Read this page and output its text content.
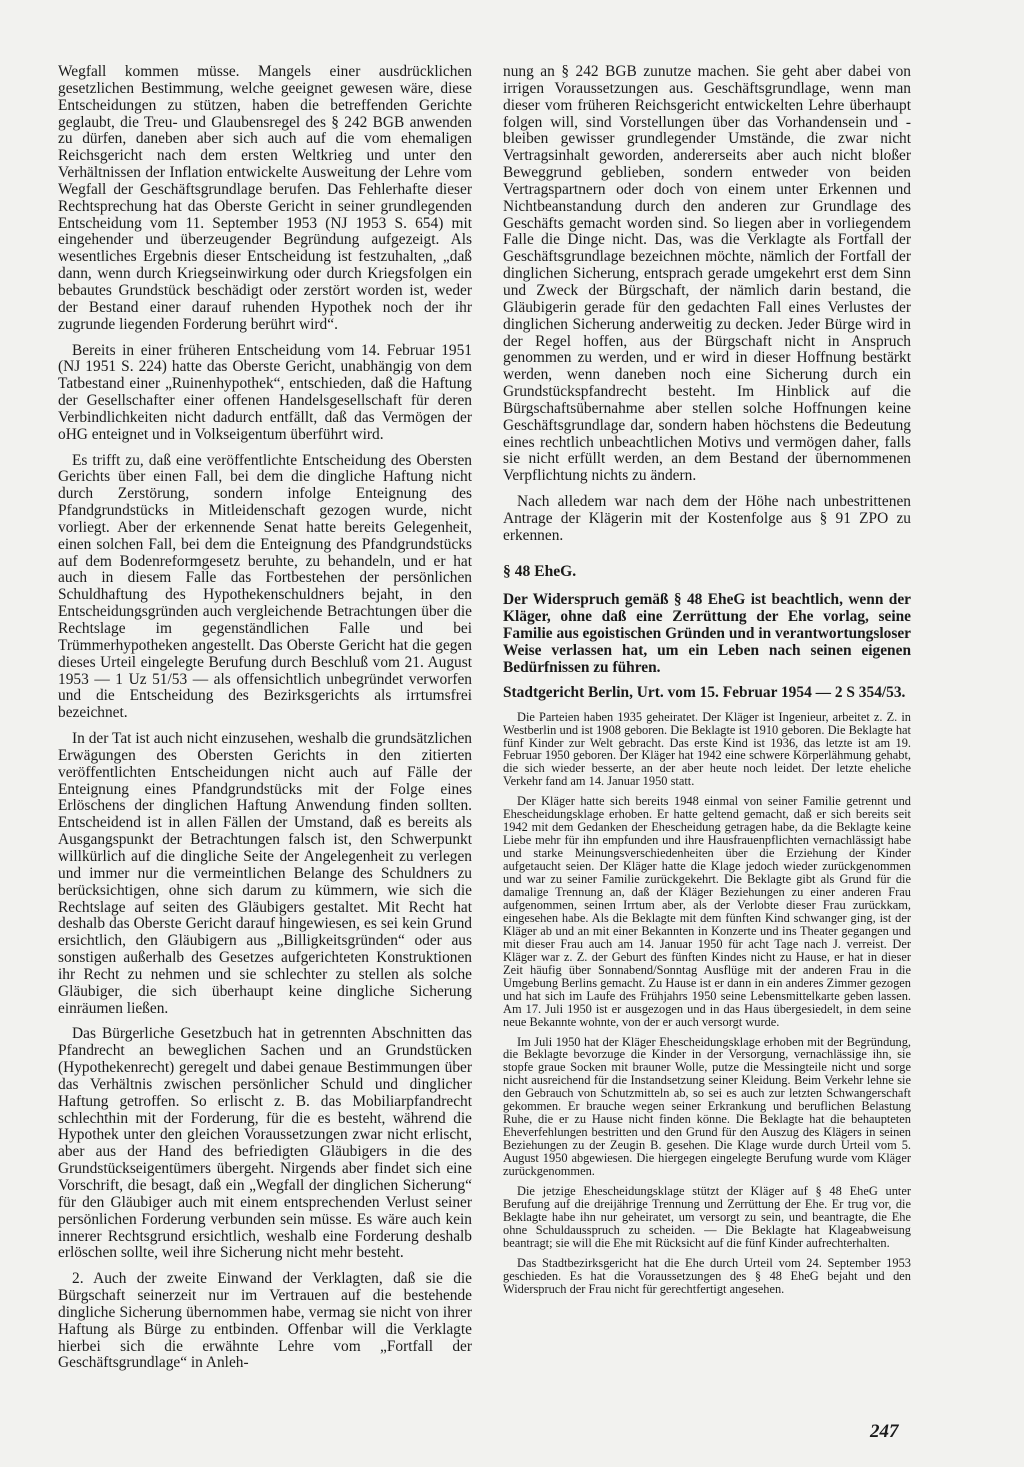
Wegfall kommen müsse. Mangels einer ausdrücklichen gesetzlichen Bestimmung, welche geeignet gewesen wäre, diese Entscheidungen zu stützen, haben die betreffenden Gerichte geglaubt, die Treu- und Glaubensregel des § 242 BGB anwenden zu dürfen, daneben aber sich auch auf die vom ehemaligen Reichsgericht nach dem ersten Weltkrieg und unter den Verhältnissen der Inflation entwickelte Ausweitung der Lehre vom Wegfall der Geschäftsgrundlage berufen. Das Fehlerhafte dieser Rechtsprechung hat das Oberste Gericht in seiner grundlegenden Entscheidung vom 11. September 1953 (NJ 1953 S. 654) mit eingehender und überzeugender Begründung aufgezeigt. Als wesentliches Ergebnis dieser Entscheidung ist festzuhalten, „daß dann, wenn durch Kriegseinwirkung oder durch Kriegsfolgen ein bebautes Grundstück beschädigt oder zerstört worden ist, weder der Bestand einer darauf ruhenden Hypothek noch der ihr zugrunde liegenden Forderung berührt wird“.

Bereits in einer früheren Entscheidung vom 14. Februar 1951 (NJ 1951 S. 224) hatte das Oberste Gericht, unabhängig von dem Tatbestand einer „Ruinenhypothek“, entschieden, daß die Haftung der Gesellschafter einer offenen Handelsgesellschaft für deren Verbindlichkeiten nicht dadurch entfällt, daß das Vermögen der oHG enteignet und in Volkseigentum überführt wird.

Es trifft zu, daß eine veröffentlichte Entscheidung des Obersten Gerichts über einen Fall, bei dem die dingliche Haftung nicht durch Zerstörung, sondern infolge Enteignung des Pfandgrundstücks in Mitleidenschaft gezogen wurde, nicht vorliegt. Aber der erkennende Senat hatte bereits Gelegenheit, einen solchen Fall, bei dem die Enteignung des Pfandgrundstücks auf dem Bodenreformgesetz beruhte, zu behandeln, und er hat auch in diesem Falle das Fortbestehen der persönlichen Schuldhaftung des Hypothekenschuldners bejaht, in den Entscheidungsgründen auch vergleichende Betrachtungen über die Rechtslage im gegenständlichen Falle und bei Trümmerhypotheken angestellt. Das Oberste Gericht hat die gegen dieses Urteil eingelegte Berufung durch Beschluß vom 21. August 1953 — 1 Uz 51/53 — als offensichtlich unbegründet verworfen und die Entscheidung des Bezirksgerichts als irrtumsfrei bezeichnet.

In der Tat ist auch nicht einzusehen, weshalb die grundsätzlichen Erwägungen des Obersten Gerichts in den zitierten veröffentlichten Entscheidungen nicht auch auf Fälle der Enteignung eines Pfandgrundstücks mit der Folge eines Erlöschens der dinglichen Haftung Anwendung finden sollten. Entscheidend ist in allen Fällen der Umstand, daß es bereits als Ausgangspunkt der Betrachtungen falsch ist, den Schwerpunkt willkürlich auf die dingliche Seite der Angelegenheit zu verlegen und immer nur die vermeintlichen Belange des Schuldners zu berücksichtigen, ohne sich darum zu kümmern, wie sich die Rechtslage auf seiten des Gläubigers gestaltet. Mit Recht hat deshalb das Oberste Gericht darauf hingewiesen, es sei kein Grund ersichtlich, den Gläubigern aus „Billigkeitsgründen“ oder aus sonstigen außerhalb des Gesetzes aufgerichteten Konstruktionen ihr Recht zu nehmen und sie schlechter zu stellen als solche Gläubiger, die sich überhaupt keine dingliche Sicherung einräumen ließen.

Das Bürgerliche Gesetzbuch hat in getrennten Abschnitten das Pfandrecht an beweglichen Sachen und an Grundstücken (Hypothekenrecht) geregelt und dabei genaue Bestimmungen über das Verhältnis zwischen persönlicher Schuld und dinglicher Haftung getroffen. So erlischt z. B. das Mobiliarpfandrecht schlechthin mit der Forderung, für die es besteht, während die Hypothek unter den gleichen Voraussetzungen zwar nicht erlischt, aber aus der Hand des befriedigten Gläubigers in die des Grundstückseigentümers übergeht. Nirgends aber findet sich eine Vorschrift, die besagt, daß ein „Wegfall der dinglichen Sicherung“ für den Gläubiger auch mit einem entsprechenden Verlust seiner persönlichen Forderung verbunden sein müsse. Es wäre auch kein innerer Rechtsgrund ersichtlich, weshalb eine Forderung deshalb erlöschen sollte, weil ihre Sicherung nicht mehr besteht.

2. Auch der zweite Einwand der Verklagten, daß sie die Bürgschaft seinerzeit nur im Vertrauen auf die bestehende dingliche Sicherung übernommen habe, vermag sie nicht von ihrer Haftung als Bürge zu entbinden. Offenbar will die Verklagte hierbei sich die erwähnte Lehre vom „Fortfall der Geschäftsgrundlage“ in Anleh-

nung an § 242 BGB zunutze machen. Sie geht aber dabei von irrigen Voraussetzungen aus. Geschäftsgrundlage, wenn man dieser vom früheren Reichsgericht entwickelten Lehre überhaupt folgen will, sind Vorstellungen über das Vorhandensein und -bleiben gewisser grundlegender Umstände, die zwar nicht Vertragsinhalt geworden, andererseits aber auch nicht bloßer Beweggrund geblieben, sondern entweder von beiden Vertragspartnern oder doch von einem unter Erkennen und Nichtbeanstandung durch den anderen zur Grundlage des Geschäfts gemacht worden sind. So liegen aber in vorliegendem Falle die Dinge nicht. Das, was die Verklagte als Fortfall der Geschäftsgrundlage bezeichnen möchte, nämlich der Fortfall der dinglichen Sicherung, entsprach gerade umgekehrt erst dem Sinn und Zweck der Bürgschaft, der nämlich darin bestand, die Gläubigerin gerade für den gedachten Fall eines Verlustes der dinglichen Sicherung anderweitig zu decken. Jeder Bürge wird in der Regel hoffen, aus der Bürgschaft nicht in Anspruch genommen zu werden, und er wird in dieser Hoffnung bestärkt werden, wenn daneben noch eine Sicherung durch ein Grundstückspfandrecht besteht. Im Hinblick auf die Bürgschaftsübernahme aber stellen solche Hoffnungen keine Geschäftsgrundlage dar, sondern haben höchstens die Bedeutung eines rechtlich unbeachtlichen Motivs und vermögen daher, falls sie nicht erfüllt werden, an dem Bestand der übernommenen Verpflichtung nichts zu ändern.

Nach alledem war nach dem der Höhe nach unbestrittenen Antrage der Klägerin mit der Kostenfolge aus § 91 ZPO zu erkennen.

§ 48 EheG.

Der Widerspruch gemäß § 48 EheG ist beachtlich, wenn der Kläger, ohne daß eine Zerrüttung der Ehe vorlag, seine Familie aus egoistischen Gründen und in verantwortungsloser Weise verlassen hat, um ein Leben nach seinen eigenen Bedürfnissen zu führen.

Stadtgericht Berlin, Urt. vom 15. Februar 1954 — 2 S 354/53.

Die Parteien haben 1935 geheiratet. Der Kläger ist Ingenieur, arbeitet z. Z. in Westberlin und ist 1908 geboren. Die Beklagte ist 1910 geboren. Die Beklagte hat fünf Kinder zur Welt gebracht. Das erste Kind ist 1936, das letzte ist am 19. Februar 1950 geboren. Der Kläger hat 1942 eine schwere Körperlähmung gehabt, die sich wieder besserte, an der aber heute noch leidet. Der letzte eheliche Verkehr fand am 14. Januar 1950 statt.

Der Kläger hatte sich bereits 1948 einmal von seiner Familie getrennt und Ehescheidungsklage erhoben. Er hatte geltend gemacht, daß er sich bereits seit 1942 mit dem Gedanken der Ehescheidung getragen habe, da die Beklagte keine Liebe mehr für ihn empfunden und ihre Hausfrauenpflichten vernachlässigt habe und starke Meinungsverschiedenheiten über die Erziehung der Kinder aufgetaucht seien. Der Kläger hatte die Klage jedoch wieder zurückgenommen und war zu seiner Familie zurückgekehrt. Die Beklagte gibt als Grund für die damalige Trennung an, daß der Kläger Beziehungen zu einer anderen Frau aufgenommen, seinen Irrtum aber, als der Verlobte dieser Frau zurückkam, eingesehen habe. Als die Beklagte mit dem fünften Kind schwanger ging, ist der Kläger ab und an mit einer Bekannten in Konzerte und ins Theater gegangen und mit dieser Frau auch am 14. Januar 1950 für acht Tage nach J. verreist. Der Kläger war z. Z. der Geburt des fünften Kindes nicht zu Hause, er hat in dieser Zeit häufig über Sonnabend/Sonntag Ausflüge mit der anderen Frau in die Umgebung Berlins gemacht. Zu Hause ist er dann in ein anderes Zimmer gezogen und hat sich im Laufe des Frühjahrs 1950 seine Lebensmittelkarte geben lassen. Am 17. Juli 1950 ist er ausgezogen und in das Haus übergesiedelt, in dem seine neue Bekannte wohnte, von der er auch versorgt wurde.

Im Juli 1950 hat der Kläger Ehescheidungsklage erhoben mit der Begründung, die Beklagte bevorzuge die Kinder in der Versorgung, vernachlässige ihn, sie stopfe graue Socken mit brauner Wolle, putze die Messingteile nicht und sorge nicht ausreichend für die Instandsetzung seiner Kleidung. Beim Verkehr lehne sie den Gebrauch von Schutzmitteln ab, so sei es auch zur letzten Schwangerschaft gekommen. Er brauche wegen seiner Erkrankung und beruflichen Belastung Ruhe, die er zu Hause nicht finden könne. Die Beklagte hat die behaupteten Eheverfehlungen bestritten und den Grund für den Auszug des Klägers in seinen Beziehungen zu der Zeugin B. gesehen. Die Klage wurde durch Urteil vom 5. August 1950 abgewiesen. Die hiergegen eingelegte Berufung wurde vom Kläger zurückgenommen.

Die jetzige Ehescheidungsklage stützt der Kläger auf § 48 EheG unter Berufung auf die dreijährige Trennung und Zerrüttung der Ehe. Er trug vor, die Beklagte habe ihn nur geheiratet, um versorgt zu sein, und beantragte, die Ehe ohne Schuldausspruch zu scheiden. — Die Beklagte hat Klageabweisung beantragt; sie will die Ehe mit Rücksicht auf die fünf Kinder aufrechterhalten.

Das Stadtbezirksgericht hat die Ehe durch Urteil vom 24. September 1953 geschieden. Es hat die Voraussetzungen des § 48 EheG bejaht und den Widerspruch der Frau nicht für gerechtfertigt angesehen.

247
